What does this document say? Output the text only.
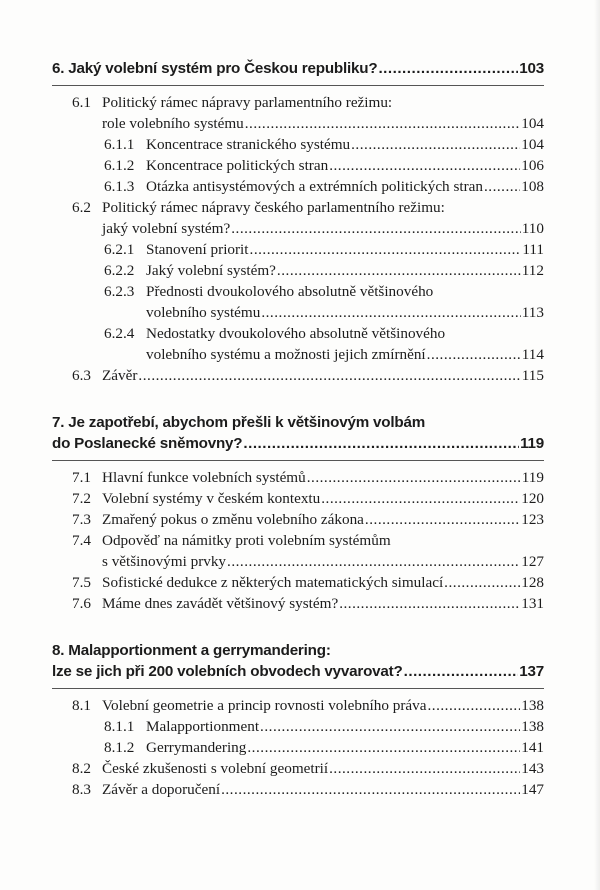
6. Jaký volební systém pro Českou republiku? .....	103
6.1 Politický rámec nápravy parlamentního režimu:
role volebního systému .....	104
6.1.1 Koncentrace stranického systému .....	104
6.1.2 Koncentrace politických stran .....	106
6.1.3 Otázka antisystémových a extrémních politických stran .....	108
6.2 Politický rámec nápravy českého parlamentního režimu:
jaký volební systém? .....	110
6.2.1 Stanovení priorit .....	111
6.2.2 Jaký volební systém? .....	112
6.2.3 Přednosti dvoukolového absolutně většinového
volebního systému .....	113
6.2.4 Nedostatky dvoukolového absolutně většinového
volebního systému a možnosti jejich zmírnění .....	114
6.3 Závěr .....	115
7. Je zapotřebí, abychom přešli k většinovým volbám
do Poslanecké sněmovny? .....	119
7.1 Hlavní funkce volebních systémů .....	119
7.2 Volební systémy v českém kontextu .....	120
7.3 Zmařený pokus o změnu volebního zákona .....	123
7.4 Odpověď na námitky proti volebním systémům
s většinovými prvky .....	127
7.5 Sofistické dedukce z některých matematických simulací .....	128
7.6 Máme dnes zavádět většinový systém? .....	131
8. Malapportionment a gerrymandering:
lze se jich při 200 volebních obvodech vyvarovat? .....	137
8.1 Volební geometrie a princip rovnosti volebního práva .....	138
8.1.1 Malapportionment .....	138
8.1.2 Gerrymandering .....	141
8.2 České zkušenosti s volební geometrií .....	143
8.3 Závěr a doporučení .....	147
